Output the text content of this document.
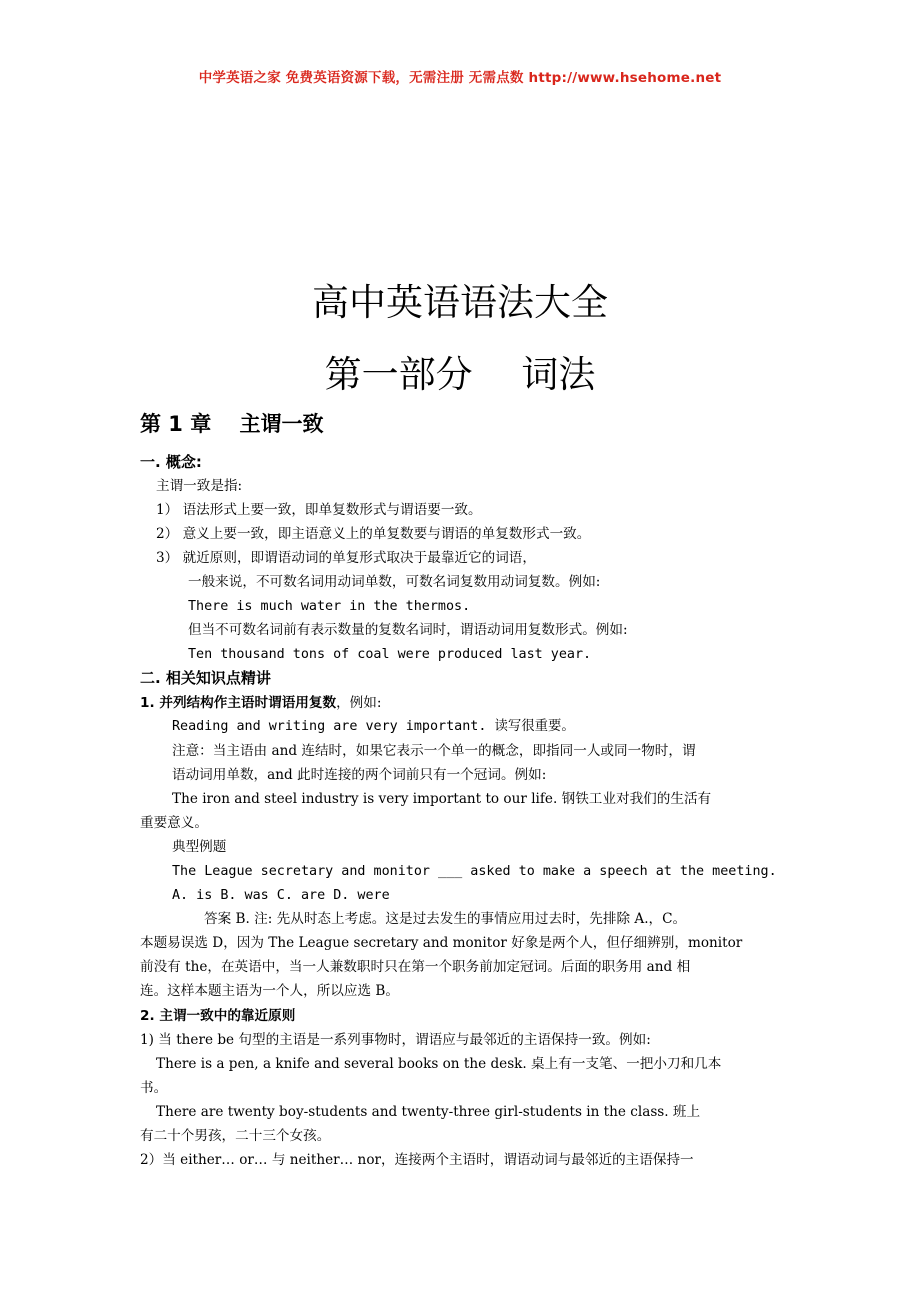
中学英语之家 免费英语资源下载，无需注册 无需点数 http://www.hsehome.net
高中英语语法大全
第一部分　 词法
第 1 章　 主谓一致
一. 概念:
主谓一致是指:
1） 语法形式上要一致，即单复数形式与谓语要一致。
2） 意义上要一致，即主语意义上的单复数要与谓语的单复数形式一致。
3） 就近原则，即谓语动词的单复形式取决于最靠近它的词语，
一般来说，不可数名词用动词单数，可数名词复数用动词复数。例如:
There is much water in the thermos.
但当不可数名词前有表示数量的复数名词时，谓语动词用复数形式。例如:
Ten thousand tons of coal were produced last year.
二. 相关知识点精讲
1. 并列结构作主语时谓语用复数，例如:
Reading and writing are very important. 读写很重要。
注意：当主语由 and 连结时，如果它表示一个单一的概念，即指同一人或同一物时，谓
语动词用单数，and 此时连接的两个词前只有一个冠词。例如:
The iron and steel industry is very important to our life. 钢铁工业对我们的生活有
重要意义。
典型例题
The League secretary and monitor ___ asked to make a speech at the meeting.
A. is B. was C. are D. were
答案 B. 注: 先从时态上考虑。这是过去发生的事情应用过去时，先排除 A.，C。
本题易误选 D，因为 The League secretary and monitor 好象是两个人，但仔细辨别，monitor
前没有 the，在英语中，当一人兼数职时只在第一个职务前加定冠词。后面的职务用 and 相
连。这样本题主语为一个人，所以应选 B。
2. 主谓一致中的靠近原则
1) 当 there be 句型的主语是一系列事物时，谓语应与最邻近的主语保持一致。例如:
There is a pen, a knife and several books on the desk. 桌上有一支笔、一把小刀和几本
书。
There are twenty boy-students and twenty-three girl-students in the class. 班上
有二十个男孩，二十三个女孩。
2）当 either… or… 与 neither… nor，连接两个主语时，谓语动词与最邻近的主语保持一
